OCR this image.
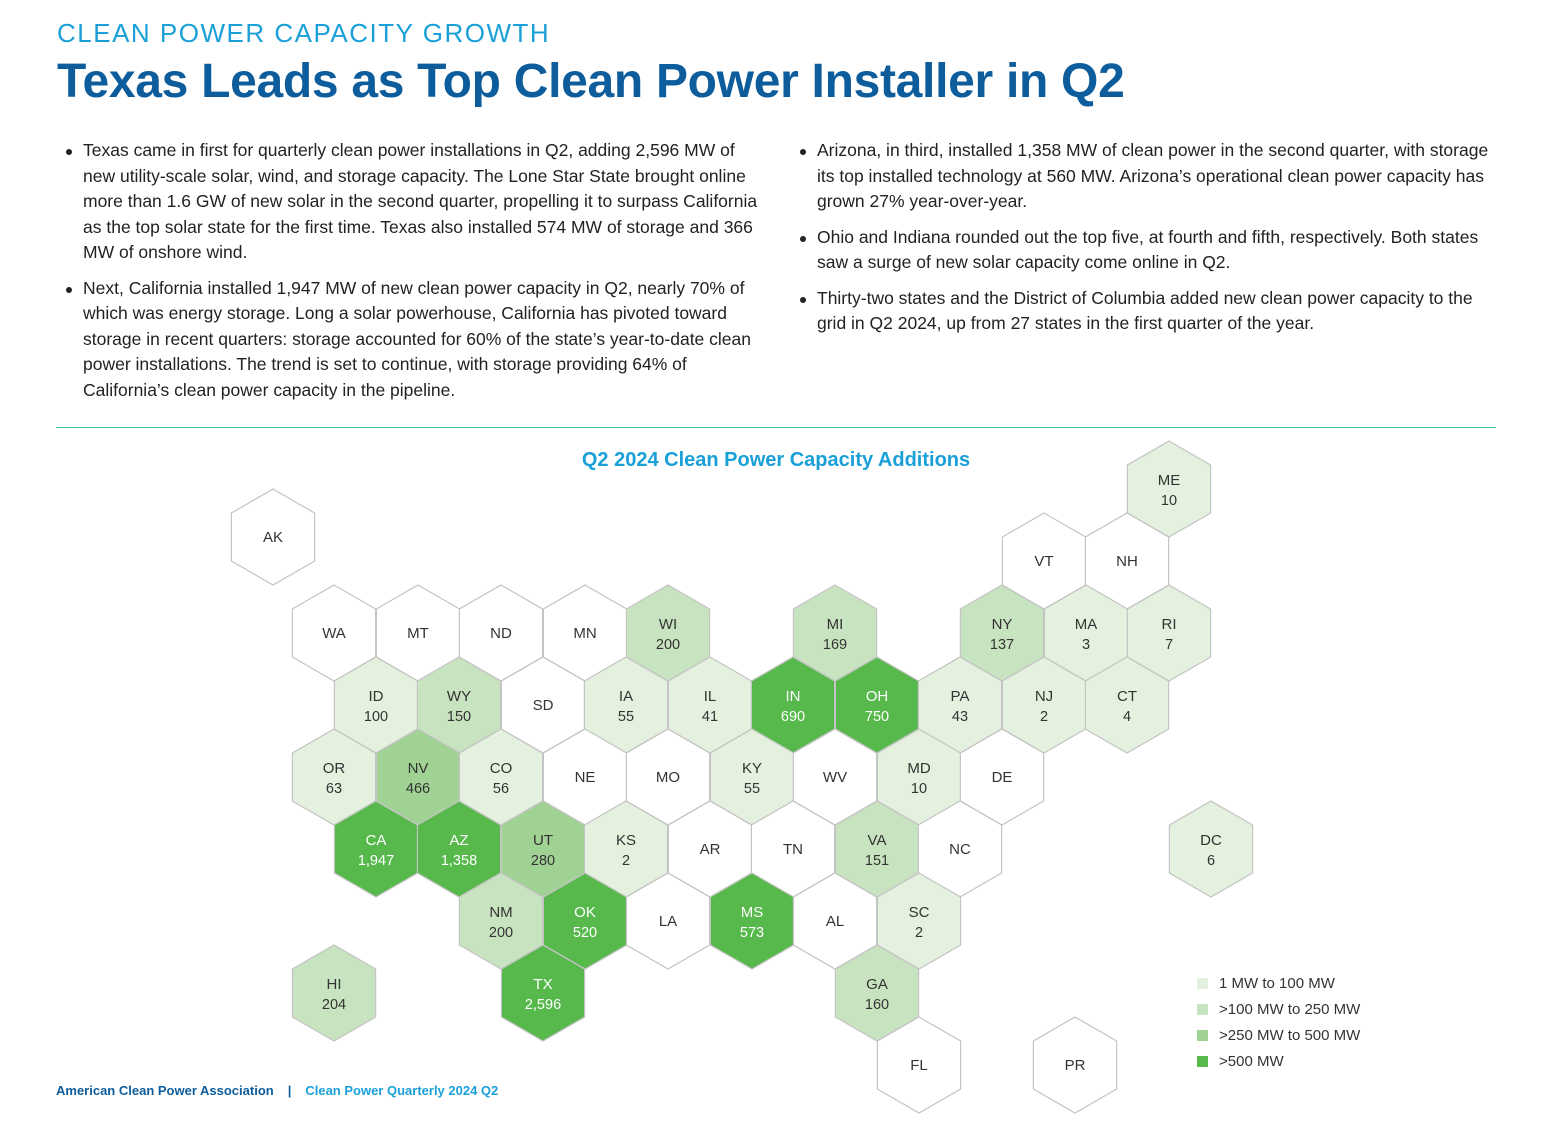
CLEAN POWER CAPACITY GROWTH
Texas Leads as Top Clean Power Installer in Q2
Texas came in first for quarterly clean power installations in Q2, adding 2,596 MW of new utility-scale solar, wind, and storage capacity. The Lone Star State brought online more than 1.6 GW of new solar in the second quarter, propelling it to surpass California as the top solar state for the first time. Texas also installed 574 MW of storage and 366 MW of onshore wind.
Next, California installed 1,947 MW of new clean power capacity in Q2, nearly 70% of which was energy storage. Long a solar powerhouse, California has pivoted toward storage in recent quarters: storage accounted for 60% of the state’s year-to-date clean power installations. The trend is set to continue, with storage providing 64% of California’s clean power capacity in the pipeline.
Arizona, in third, installed 1,358 MW of clean power in the second quarter, with storage its top installed technology at 560 MW. Arizona’s operational clean power capacity has grown 27% year-over-year.
Ohio and Indiana rounded out the top five, at fourth and fifth, respectively. Both states saw a surge of new solar capacity come online in Q2.
Thirty-two states and the District of Columbia added new clean power capacity to the grid in Q2 2024, up from 27 states in the first quarter of the year.
Q2 2024 Clean Power Capacity Additions
AK
ME
10
VT	NH
WA	MT	ND	MN
WI
200
MI
169
NY
137
MA
3
RI
7
ID
100
WY
150
SD
IA
55
IL
41
IN
690
OH
750
PA
43
NJ
2
CT
4
OR
63
NV
466
CO
56
NE	MO
KY
55
WV
MD
10
DE
CA
1,947
AZ
1,358
UT
280
KS
2
AR	TN
VA
151
NC
DC
6
NM
200
OK
520
LA
MS
573
AL
SC
2
HI
204
TX
2,596
GA
160
FL	PR
1 MW to 100 MW
>100 MW to 250 MW
>250 MW to 500 MW
>500 MW
American Clean Power Association | Clean Power Quarterly 2024 Q2
